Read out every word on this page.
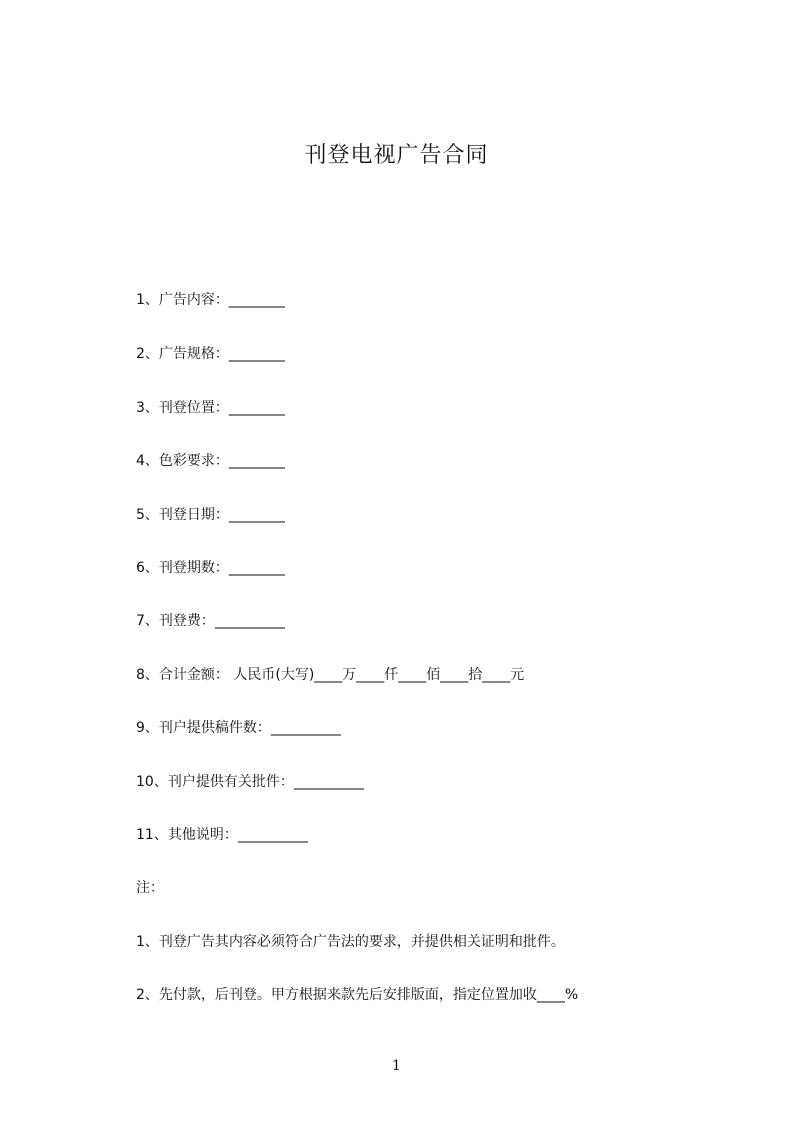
刊登电视广告合同
1、广告内容：________
2、广告规格：________
3、刊登位置：________
4、色彩要求：________
5、刊登日期：________
6、刊登期数：________
7、刊登费：__________
8、合计金额： 人民币(大写)____万____仟____佰____拾____元
9、刊户提供稿件数：__________
10、刊户提供有关批件：__________
11、其他说明：__________
注：
1、刊登广告其内容必须符合广告法的要求，并提供相关证明和批件。
2、先付款，后刊登。甲方根据来款先后安排版面，指定位置加收____%
1
